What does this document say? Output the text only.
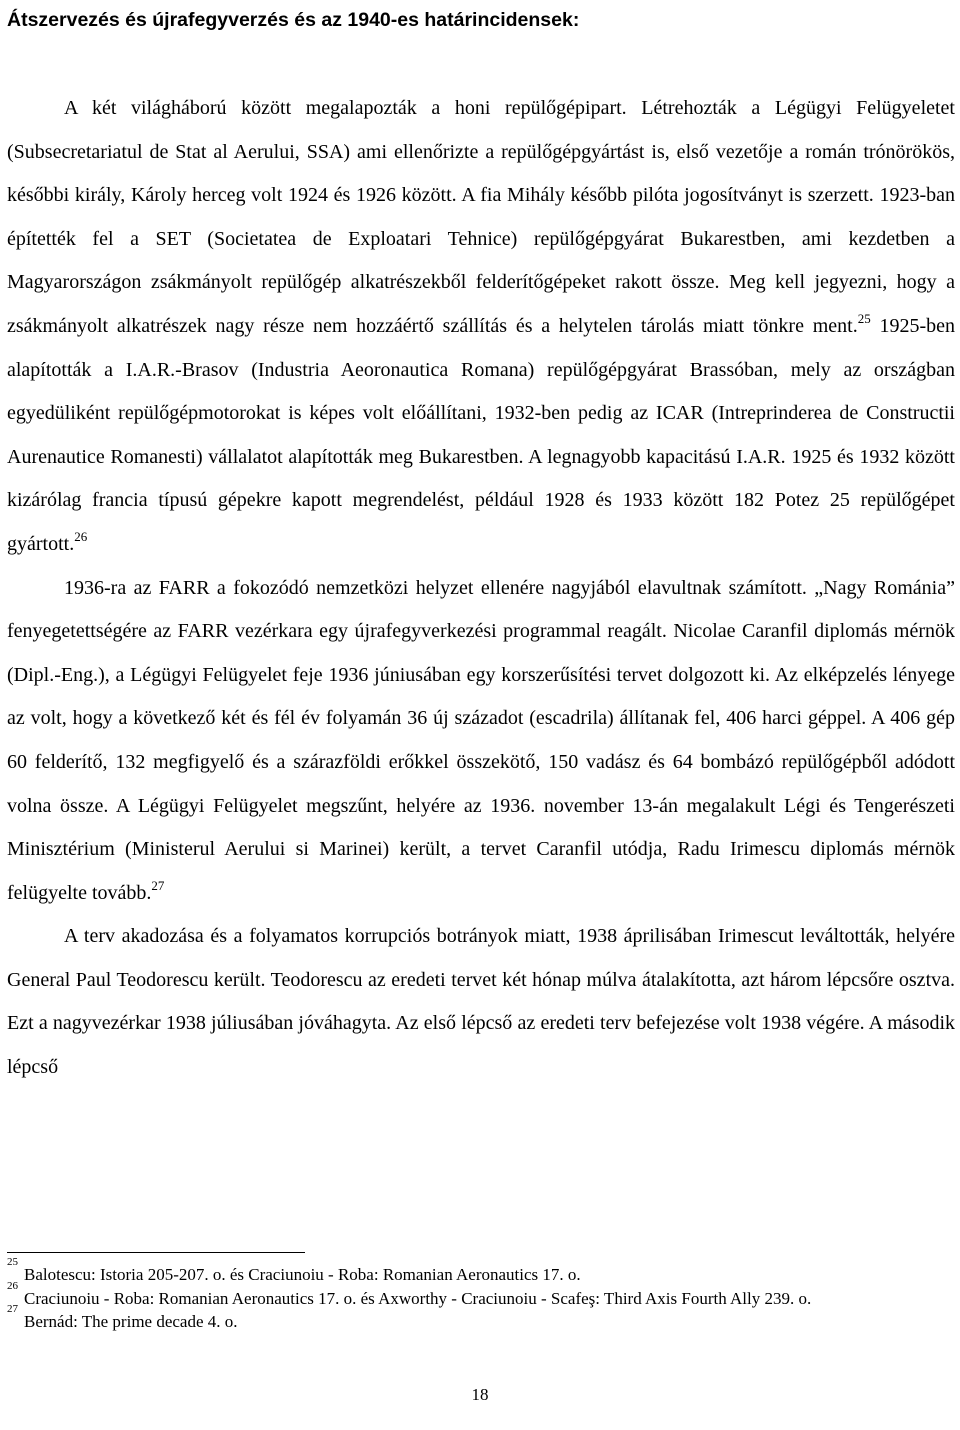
Átszervezés és újrafegyverzés és az 1940-es határincidensek:

A két világháború között megalapozták a honi repülőgépipart. Létrehozták a Légügyi Felügyeletet (Subsecretariatul de Stat al Aerului, SSA) ami ellenőrizte a repülőgépgyártást is, első vezetője a román trónörökös, későbbi király, Károly herceg volt 1924 és 1926 között. A fia Mihály később pilóta jogosítványt is szerzett. 1923-ban építették fel a SET (Societatea de Exploatari Tehnice) repülőgépgyárat Bukarestben, ami kezdetben a Magyarországon zsákmányolt repülőgép alkatrészekből felderítőgépeket rakott össze. Meg kell jegyezni, hogy a zsákmányolt alkatrészek nagy része nem hozzáértő szállítás és a helytelen tárolás miatt tönkre ment.$^{25}$ 1925-ben alapították a I.A.R.-Brasov (Industria Aeoronautica Romana) repülőgépgyárat Brassóban, mely az országban egyedüliként repülőgépmotorokat is képes volt előállítani, 1932-ben pedig az ICAR (Intreprinderea de Constructii Aurenautice Romanesti) vállalatot alapították meg Bukarestben. A legnagyobb kapacitású I.A.R. 1925 és 1932 között kizárólag francia típusú gépekre kapott megrendelést, például 1928 és 1933 között 182 Potez 25 repülőgépet gyártott.$^{26}$

1936-ra az FARR a fokozódó nemzetközi helyzet ellenére nagyjából elavultnak számított. „Nagy Románia” fenyegetettségére az FARR vezérkara egy újrafegyverkezési programmal reagált. Nicolae Caranfil diplomás mérnök (Dipl.-Eng.), a Légügyi Felügyelet feje 1936 júniusában egy korszerűsítési tervet dolgozott ki. Az elképzelés lényege az volt, hogy a következő két és fél év folyamán 36 új századot (escadrila) állítanak fel, 406 harci géppel. A 406 gép 60 felderítő, 132 megfigyelő és a szárazföldi erőkkel összekötő, 150 vadász és 64 bombázó repülőgépből adódott volna össze. A Légügyi Felügyelet megszűnt, helyére az 1936. november 13-án megalakult Légi és Tengerészeti Minisztérium (Ministerul Aerului si Marinei) került, a tervet Caranfil utódja, Radu Irimescu diplomás mérnök felügyelte tovább.$^{27}$

A terv akadozása és a folyamatos korrupciós botrányok miatt, 1938 áprilisában Irimescut leváltották, helyére General Paul Teodorescu került. Teodorescu az eredeti tervet két hónap múlva átalakította, azt három lépcsőre osztva. Ezt a nagyvezérkar 1938 júliusában jóváhagyta. Az első lépcső az eredeti terv befejezése volt 1938 végére. A második lépcső

25
Balotescu: Istoria 205-207. o. és Craciunoiu - Roba: Romanian Aeronautics 17. o.
26
Craciunoiu - Roba: Romanian Aeronautics 17. o. és Axworthy - Craciunoiu - Scafeş: Third Axis Fourth Ally 239. o.
27
Bernád: The prime decade 4. o.
18
